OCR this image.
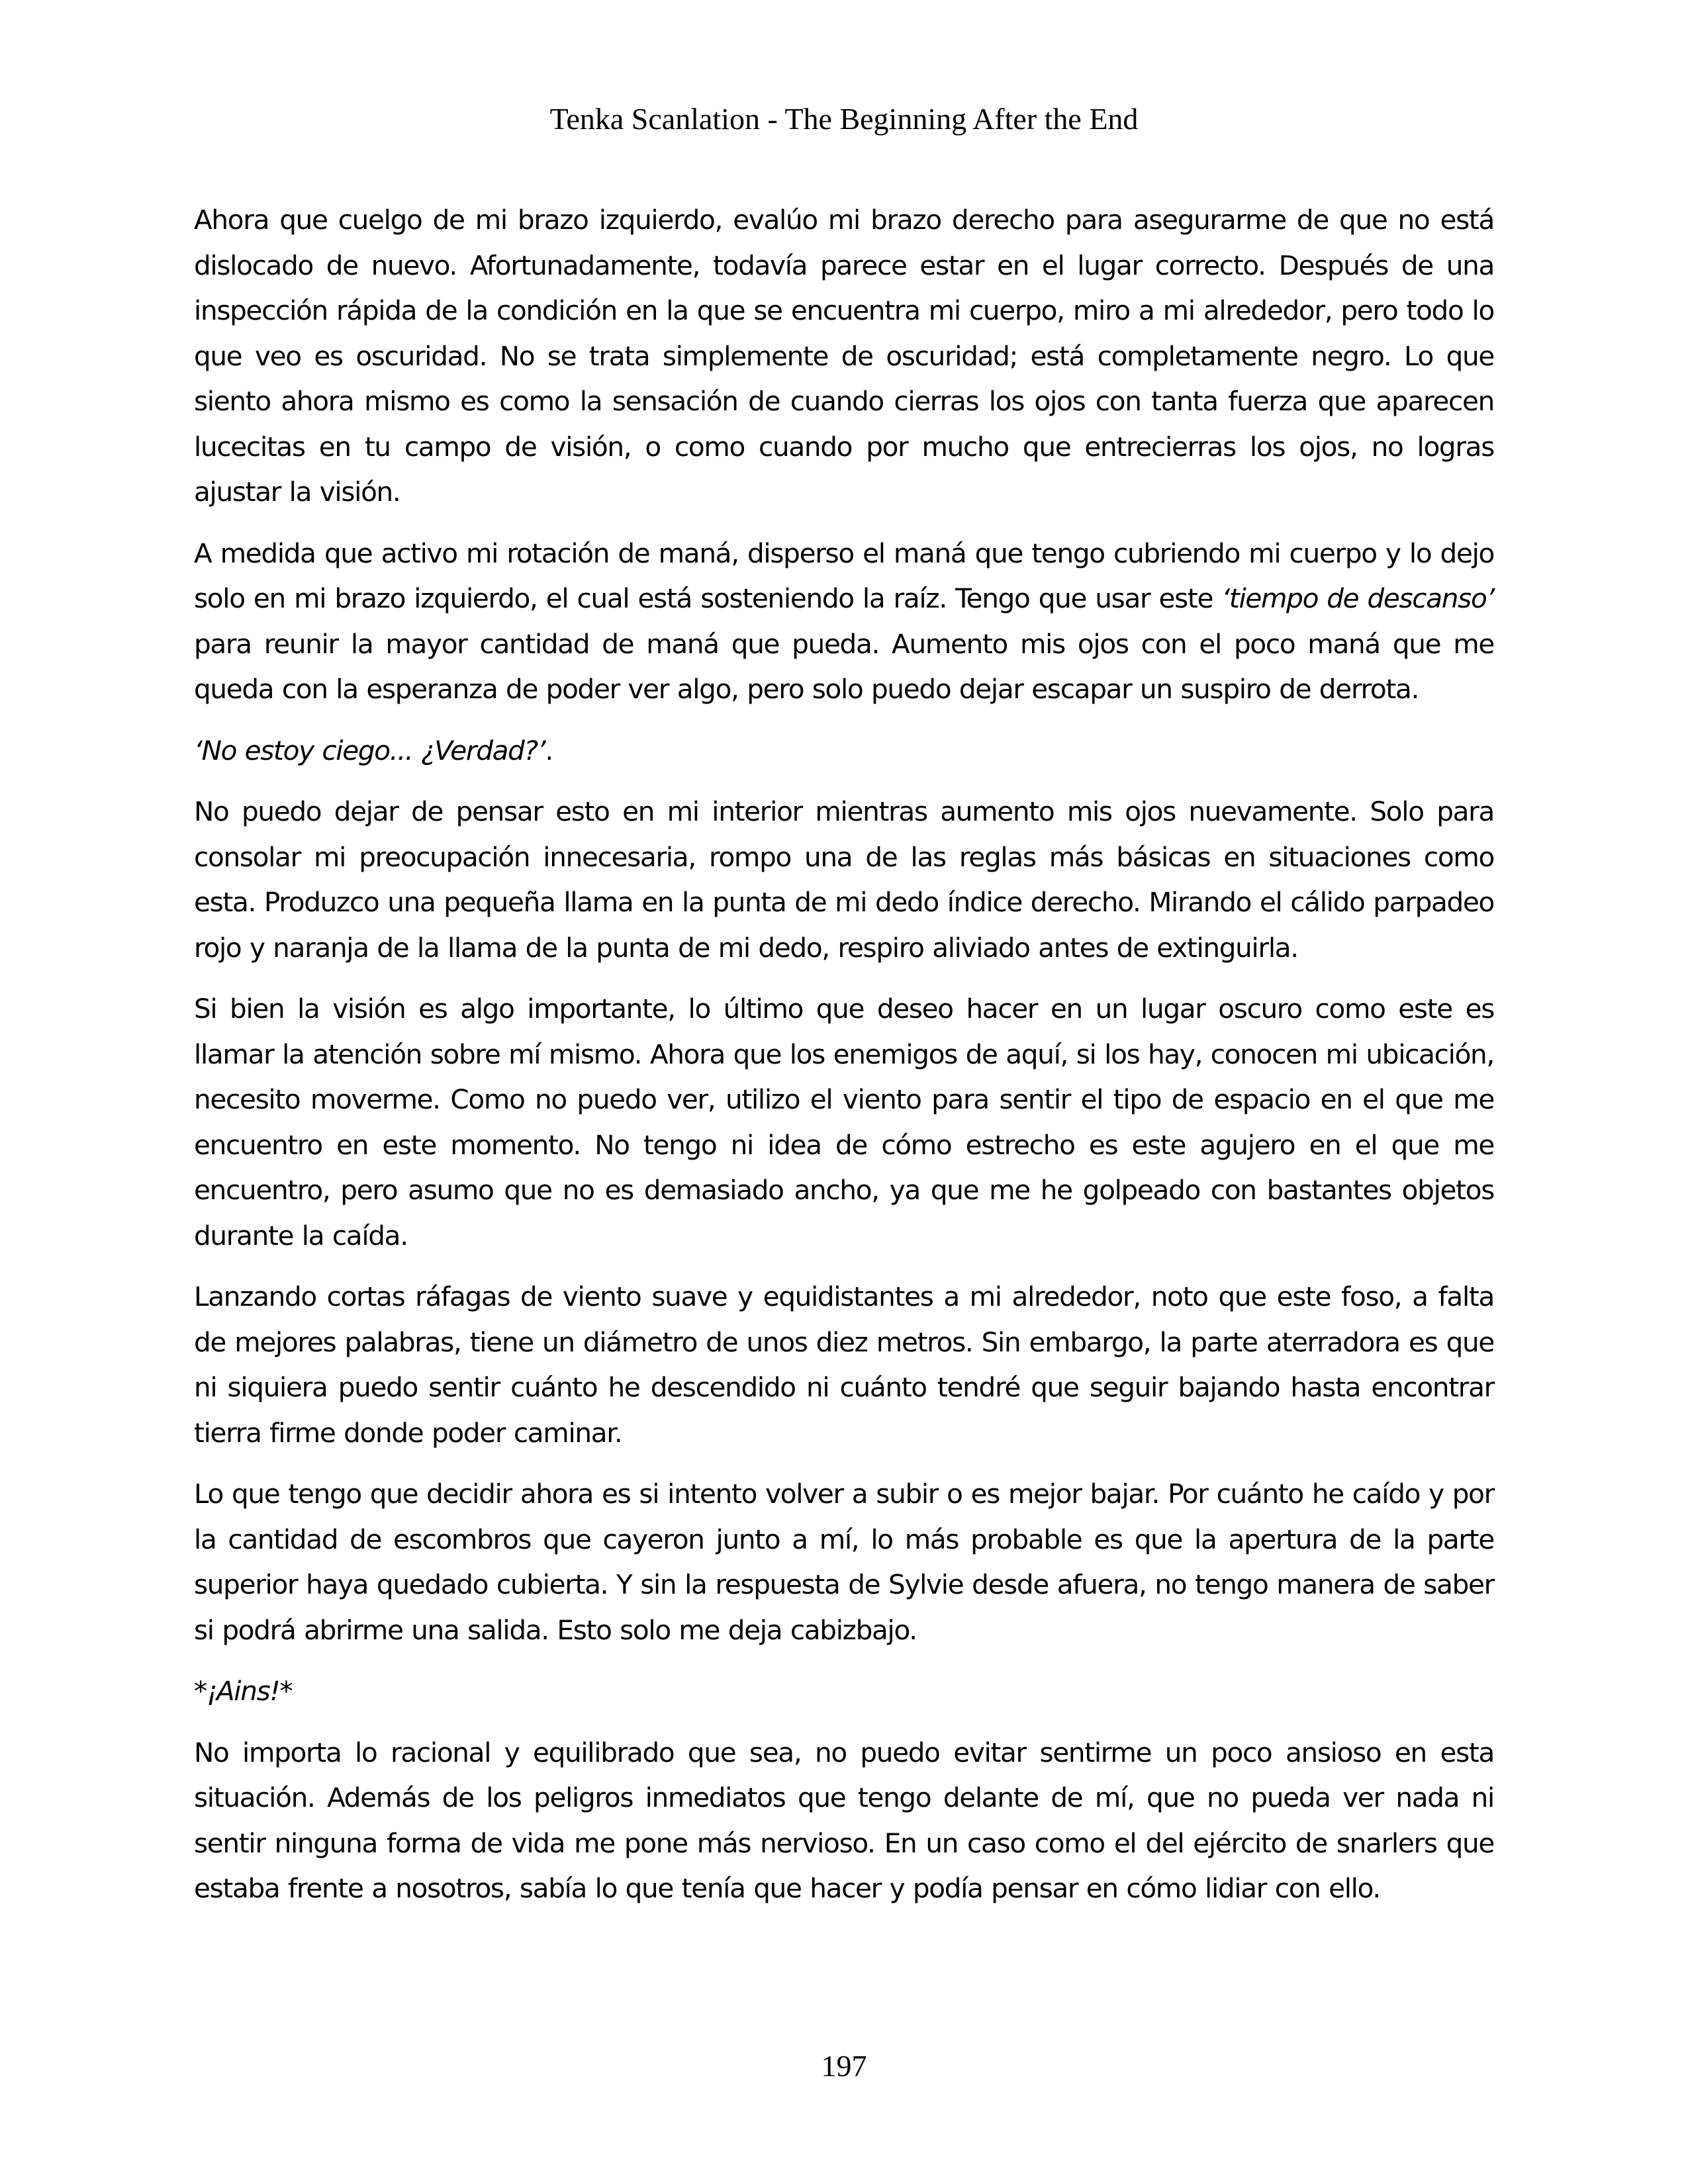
Tenka Scanlation - The Beginning After the End

Ahora que cuelgo de mi brazo izquierdo, evalúo mi brazo derecho para asegurarme de que no está dislocado de nuevo. Afortunadamente, todavía parece estar en el lugar correcto. Después de una inspección rápida de la condición en la que se encuentra mi cuerpo, miro a mi alrededor, pero todo lo que veo es oscuridad. No se trata simplemente de oscuridad; está completamente negro. Lo que siento ahora mismo es como la sensación de cuando cierras los ojos con tanta fuerza que aparecen lucecitas en tu campo de visión, o como cuando por mucho que entrecierras los ojos, no logras ajustar la visión.

A medida que activo mi rotación de maná, disperso el maná que tengo cubriendo mi cuerpo y lo dejo solo en mi brazo izquierdo, el cual está sosteniendo la raíz. Tengo que usar este ‘tiempo de descanso’ para reunir la mayor cantidad de maná que pueda. Aumento mis ojos con el poco maná que me queda con la esperanza de poder ver algo, pero solo puedo dejar escapar un suspiro de derrota.

‘No estoy ciego... ¿Verdad?’.

No puedo dejar de pensar esto en mi interior mientras aumento mis ojos nuevamente. Solo para consolar mi preocupación innecesaria, rompo una de las reglas más básicas en situaciones como esta. Produzco una pequeña llama en la punta de mi dedo índice derecho. Mirando el cálido parpadeo rojo y naranja de la llama de la punta de mi dedo, respiro aliviado antes de extinguirla.

Si bien la visión es algo importante, lo último que deseo hacer en un lugar oscuro como este es llamar la atención sobre mí mismo. Ahora que los enemigos de aquí, si los hay, conocen mi ubicación, necesito moverme. Como no puedo ver, utilizo el viento para sentir el tipo de espacio en el que me encuentro en este momento. No tengo ni idea de cómo estrecho es este agujero en el que me encuentro, pero asumo que no es demasiado ancho, ya que me he golpeado con bastantes objetos durante la caída.

Lanzando cortas ráfagas de viento suave y equidistantes a mi alrededor, noto que este foso, a falta de mejores palabras, tiene un diámetro de unos diez metros. Sin embargo, la parte aterradora es que ni siquiera puedo sentir cuánto he descendido ni cuánto tendré que seguir bajando hasta encontrar tierra firme donde poder caminar.

Lo que tengo que decidir ahora es si intento volver a subir o es mejor bajar. Por cuánto he caído y por la cantidad de escombros que cayeron junto a mí, lo más probable es que la apertura de la parte superior haya quedado cubierta. Y sin la respuesta de Sylvie desde afuera, no tengo manera de saber si podrá abrirme una salida. Esto solo me deja cabizbajo.

*¡Ains!*

No importa lo racional y equilibrado que sea, no puedo evitar sentirme un poco ansioso en esta situación. Además de los peligros inmediatos que tengo delante de mí, que no pueda ver nada ni sentir ninguna forma de vida me pone más nervioso. En un caso como el del ejército de snarlers que estaba frente a nosotros, sabía lo que tenía que hacer y podía pensar en cómo lidiar con ello.

197
